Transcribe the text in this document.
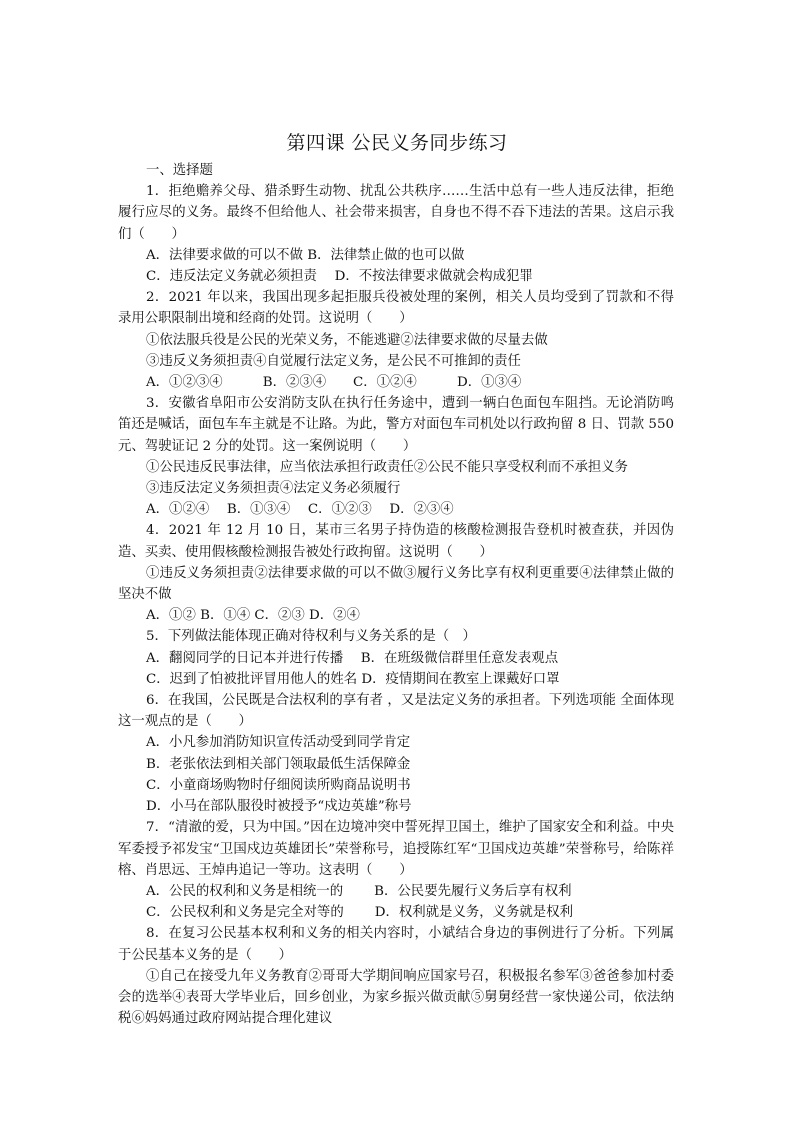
第四课 公民义务同步练习
一、选择题

1．拒绝赡养父母、猎杀野生动物、扰乱公共秩序……生活中总有一些人违反法律，拒绝履行应尽的义务。最终不但给他人、社会带来损害，自身也不得不吞下违法的苦果。这启示我们（　　）

A．法律要求做的可以不做 B．法律禁止做的也可以做

C．违反法定义务就必须担责　 D．不按法律要求做就会构成犯罪

2．2021 年以来，我国出现多起拒服兵役被处理的案例，相关人员均受到了罚款和不得录用公职限制出境和经商的处罚。这说明（　　）

①依法服兵役是公民的光荣义务，不能逃避②法律要求做的尽量去做

③违反义务须担责④自觉履行法定义务，是公民不可推卸的责任

A．①②③④　　　B．②③④　　C．①②④　　　D．①③④

3．安徽省阜阳市公安消防支队在执行任务途中，遭到一辆白色面包车阻挡。无论消防鸣笛还是喊话，面包车车主就是不让路。为此，警方对面包车司机处以行政拘留 8 日、罚款 550 元、驾驶证记 2 分的处罚。这一案例说明（　　）

①公民违反民事法律，应当依法承担行政责任②公民不能只享受权利而不承担义务

③违反法定义务须担责④法定义务必须履行

A．①②④　 B．①③④　 C．①②③　 D．②③④

4．2021 年 12 月 10 日，某市三名男子持伪造的核酸检测报告登机时被查获，并因伪造、买卖、使用假核酸检测报告被处行政拘留。这说明（　　）

①违反义务须担责②法律要求做的可以不做③履行义务比享有权利更重要④法律禁止做的坚决不做

A．①② B．①④ C．②③ D．②④

5．下列做法能体现正确对待权利与义务关系的是（　）

A．翻阅同学的日记本并进行传播　 B．在班级微信群里任意发表观点

C．迟到了怕被批评冒用他人的姓名 D．疫情期间在教室上课戴好口罩

6．在我国，公民既是合法权利的享有者 ，又是法定义务的承担者。下列选项能 全面体现这一观点的是（　　）

A．小凡参加消防知识宣传活动受到同学肯定

B．老张依法到相关部门领取最低生活保障金

C．小童商场购物时仔细阅读所购商品说明书

D．小马在部队服役时被授予“戍边英雄”称号

7．“清澈的爱，只为中国。”因在边境冲突中誓死捍卫国土，维护了国家安全和利益。中央军委授予祁发宝“卫国戍边英雄团长”荣誉称号，追授陈红军“卫国戍边英雄”荣誉称号，给陈祥榕、肖思远、王焯冉追记一等功。这表明（　　）

A．公民的权利和义务是相统一的　　 B．公民要先履行义务后享有权利

C．公民权利和义务是完全对等的　　 D．权利就是义务，义务就是权利

8．在复习公民基本权利和义务的相关内容时，小斌结合身边的事例进行了分析。下列属于公民基本义务的是（　　）

①自己在接受九年义务教育②哥哥大学期间响应国家号召，积极报名参军③爸爸参加村委会的选举④表哥大学毕业后，回乡创业，为家乡振兴做贡献⑤舅舅经营一家快递公司，依法纳税⑥妈妈通过政府网站提合理化建议
